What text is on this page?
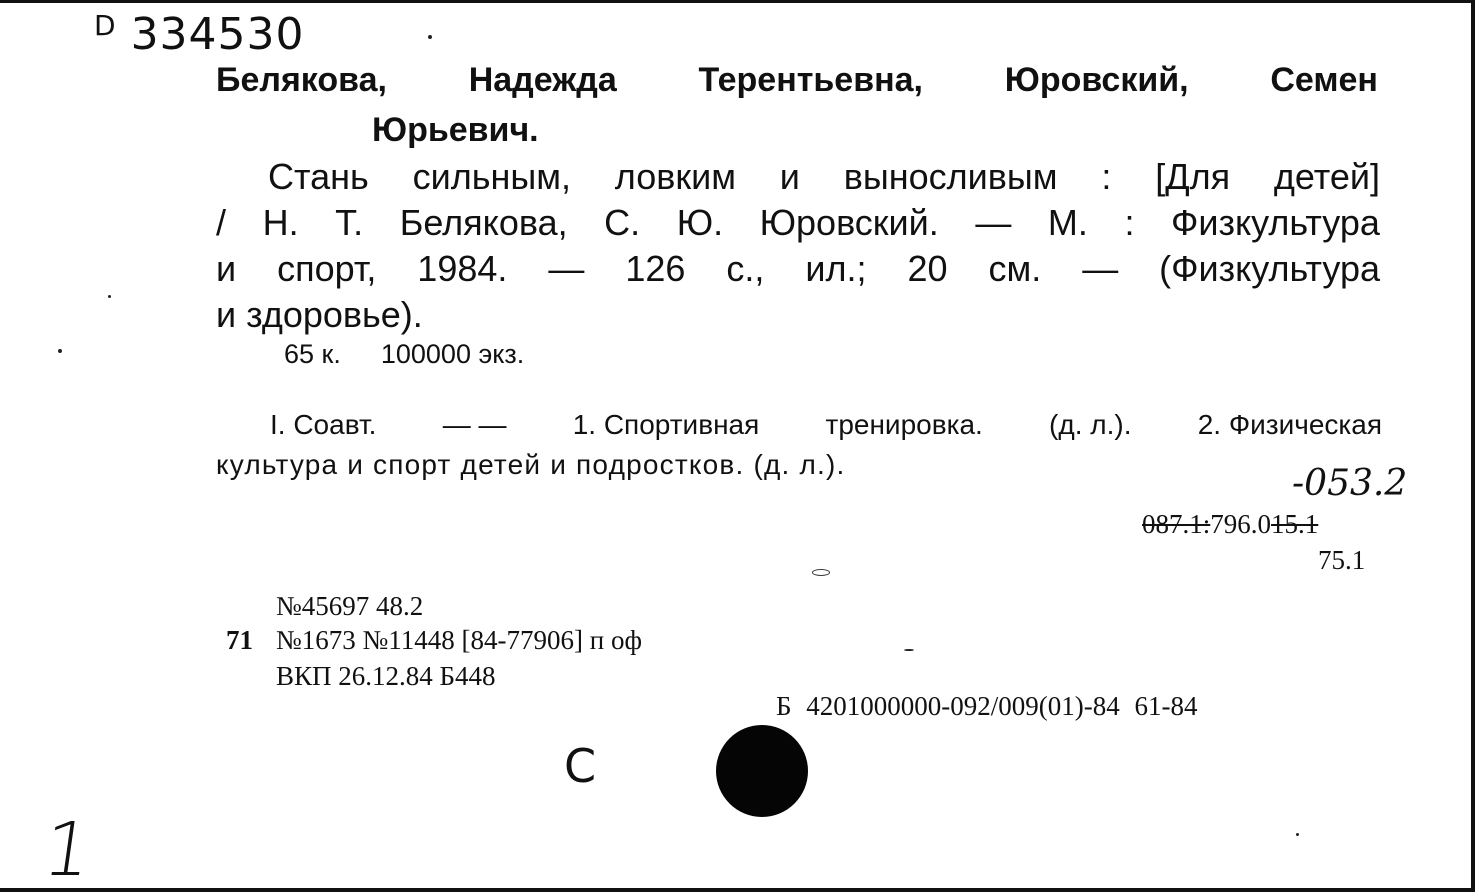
$^D$ 334530
Белякова, Надежда Терентьевна, Юровский, Семен
Юрьевич.
Стань сильным, ловким и выносливым : [Для детей]
/ Н. Т. Белякова, С. Ю. Юровский. — М. : Физкультура
и спорт, 1984. — 126 с., ил.; 20 см. — (Физкультура
и здоровье).
65 к. 100000 экз.
I. Соавт. — — 1. Спортивная тренировка. (д. л.). 2. Физическая
культура и спорт детей и подростков. (д. л.).	-053.2
087.1:796.015.1
75.1
№45697 48.2
71 №1673 №11448 [84-77906] п оф
ВКП 26.12.84 Б448
Б 4201000000-092/009(01)-84 61-84
С
1
